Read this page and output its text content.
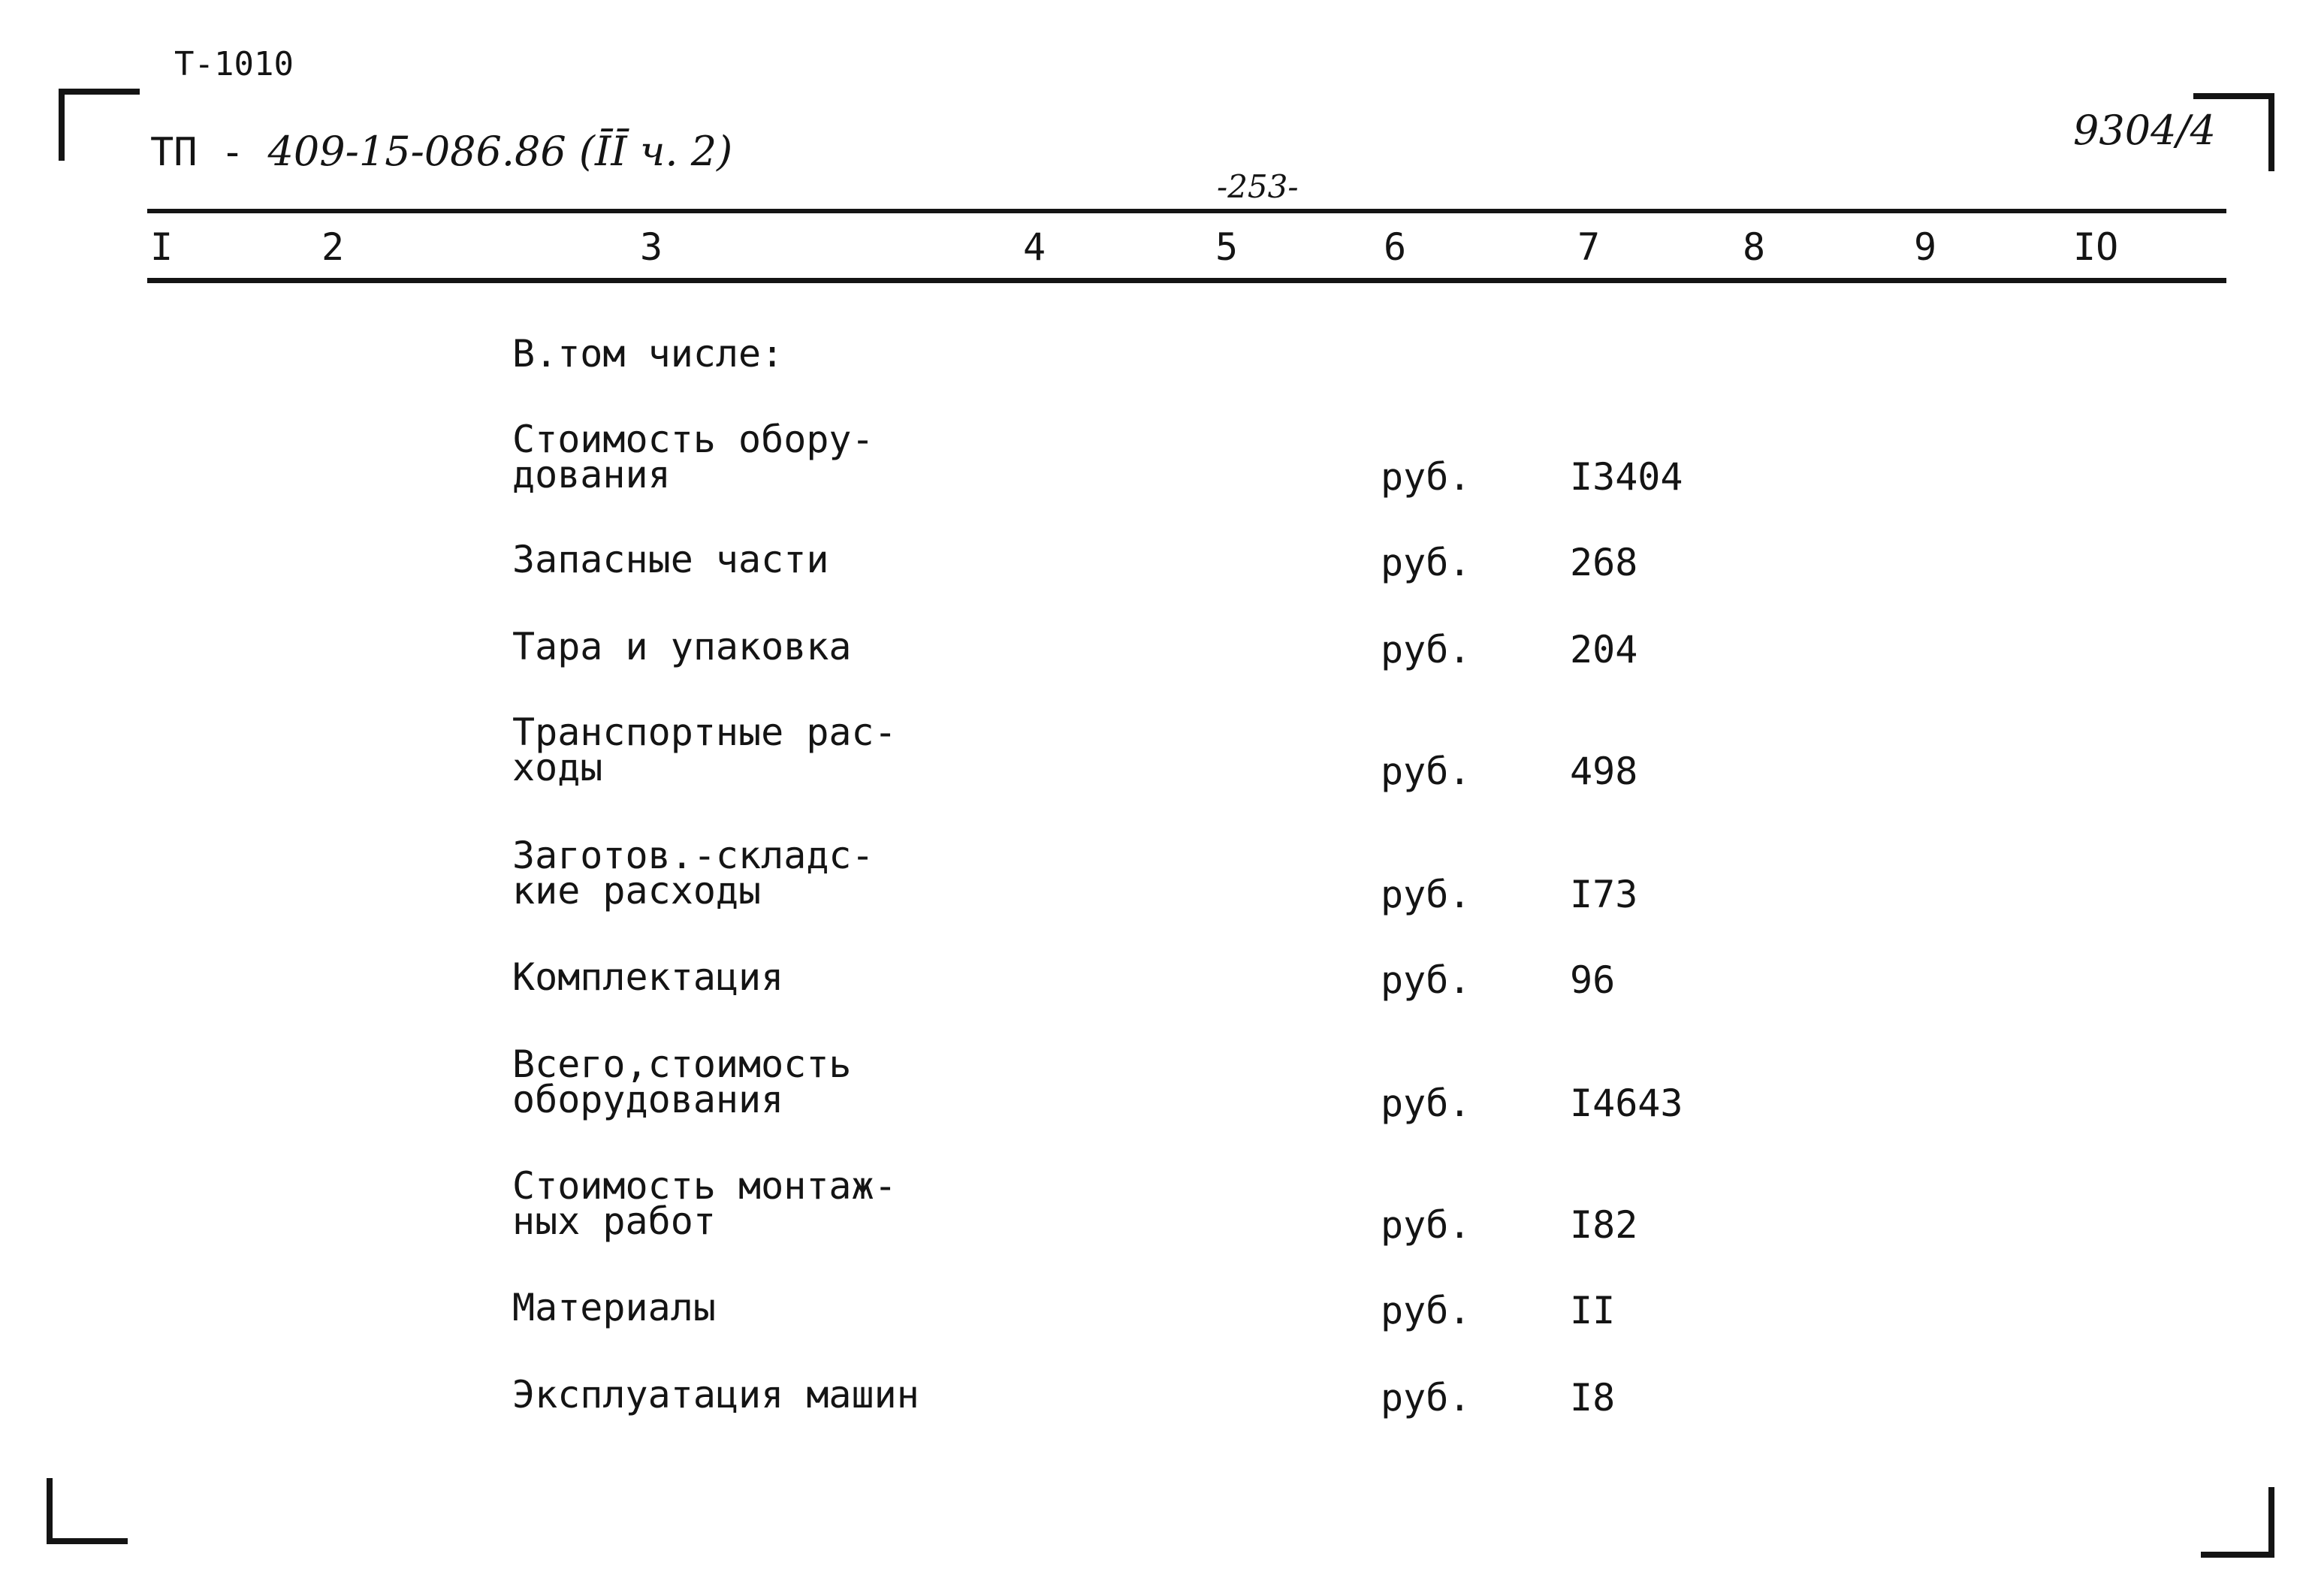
Т-1010
ТП - 409-15-086.86 (ĪĪ ч. 2)	9304/4
-253-
I	2	3	4	5	6	7	8	9	IO
В.том числе:
Стоимость обору-
дования	руб.	I3404
Запасные части	руб.	268
Тара и упаковка	руб.	204
Транспортные рас-
ходы	руб.	498
Заготов.-складс-
кие расходы	руб.	I73
Комплектация	руб.	96
Всего,стоимость
оборудования	руб.	I4643
Стоимость монтаж-
ных работ	руб.	I82
Материалы	руб.	II
Эксплуатация машин	руб.	I8
